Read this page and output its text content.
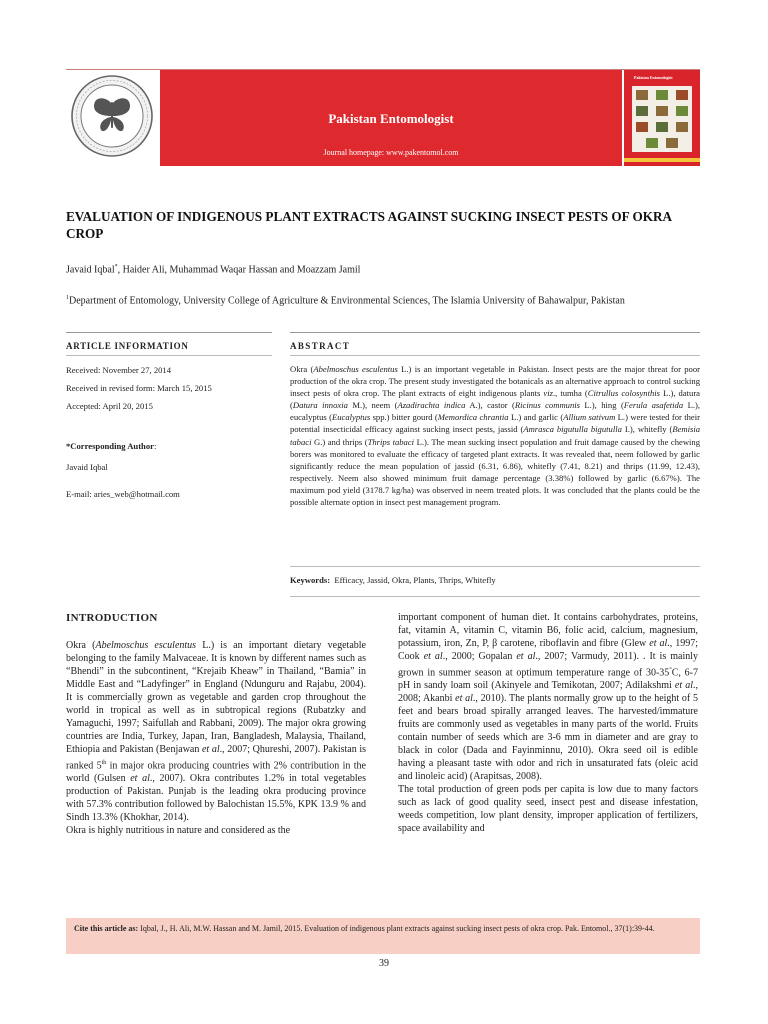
Pakistan Entomologist
Journal homepage: www.pakentomol.com
Pakistan Entomologist
EVALUATION OF INDIGENOUS PLANT EXTRACTS AGAINST SUCKING INSECT PESTS OF OKRA CROP
Javaid Iqbal*, Haider Ali, Muhammad Waqar Hassan and Moazzam Jamil
$^1$Department of Entomology, University College of Agriculture & Environmental Sciences, The Islamia University of Bahawalpur, Pakistan
ARTICLE INFORMATION
Received: November 27, 2014
Received in revised form: March 15, 2015
Accepted: April 20, 2015
*Corresponding Author:
Javaid Iqbal
E-mail: aries_web@hotmail.com
ABSTRACT
Okra (Abelmoschus esculentus L.) is an important vegetable in Pakistan. Insect pests are the major threat for poor production of the okra crop. The present study investigated the botanicals as an alternative approach to control sucking insect pests of okra crop. The plant extracts of eight indigenous plants viz., tumha (Citrullus colosynthis L.), datura (Datura innoxia M.), neem (Azadirachta indica A.), castor (Ricinus communis L.), hing (Ferula asafetida L.), eucalyptus (Eucalyptus spp.) bitter gourd (Memordica chrantia L.) and garlic (Allium sativum L.) were tested for their potential insecticidal efficacy against sucking insect pests, jassid (Amrasca bigutulla bigutulla I.), whitefly (Bemisia tabaci G.) and thrips (Thrips tabaci L.). The mean sucking insect population and fruit damage caused by the chewing borers was monitored to evaluate the efficacy of targeted plant extracts. It was revealed that, neem followed by garlic significantly reduce the mean population of jassid (6.31, 6.86), whitefly (7.41, 8.21) and thrips (11.99, 12.43), respectively. Neem also showed minimum fruit damage percentage (3.38%) followed by garlic (6.67%). The maximum pod yield (3178.7 kg/ha) was observed in neem treated plots. It was concluded that the plants could be the possible alternate option in insect pest management program.
Keywords: Efficacy, Jassid, Okra, Plants, Thrips, Whitefly
INTRODUCTION

Okra (Abelmoschus esculentus L.) is an important dietary vegetable belonging to the family Malvaceae. It is known by different names such as “Bhendi” in the subcontinent, “Krejaib Kheaw” in Thailand, “Bamia” in Middle East and “Ladyfinger” in England (Ndunguru and Rajabu, 2004). It is commercially grown as vegetable and garden crop throughout the world in tropical as well as in subtropical regions (Rubatzky and Yamaguchi, 1997; Saifullah and Rabbani, 2009). The major okra growing countries are India, Turkey, Japan, Iran, Bangladesh, Malaysia, Thailand, Ethiopia and Pakistan (Benjawan et al., 2007; Qhureshi, 2007). Pakistan is ranked 5th in major okra producing countries with 2% contribution in the world (Gulsen et al., 2007). Okra contributes 1.2% in total vegetables production of Pakistan. Punjab is the leading okra producing province with 57.3% contribution followed by Balochistan 15.5%, KPK 13.9 % and Sindh 13.3% (Khokhar, 2014).

Okra is highly nutritious in nature and considered as the

important component of human diet. It contains carbohydrates, proteins, fat, vitamin A, vitamin C, vitamin B6, folic acid, calcium, magnesium, potassium, iron, Zn, P, β carotene, riboflavin and fibre (Glew et al., 1997; Cook et al., 2000; Gopalan et al., 2007; Varmudy, 2011). . It is mainly grown in summer season at optimum temperature range of 30-35°C, 6-7 pH in sandy loam soil (Akinyele and Temikotan, 2007; Adilakshmi et al., 2008; Akanbi et al., 2010). The plants normally grow up to the height of 5 feet and bears broad spirally arranged leaves. The harvested/immature fruits are commonly used as vegetables in many parts of the world. Fruits contain number of seeds which are 3-6 mm in diameter and are gray to black in color (Dada and Fayinminnu, 2010). Okra seed oil is edible having a pleasant taste with odor and rich in unsaturated fats (oleic acid and linoleic acid) (Arapitsas, 2008).

The total production of green pods per capita is low due to many factors such as lack of good quality seed, insect pest and disease infestation, weeds competition, low plant density, improper application of fertilizers, space availability and

Cite this article as: Iqbal, J., H. Ali, M.W. Hassan and M. Jamil, 2015. Evaluation of indigenous plant extracts against sucking insect pests of okra crop. Pak. Entomol., 37(1):39-44.
39
